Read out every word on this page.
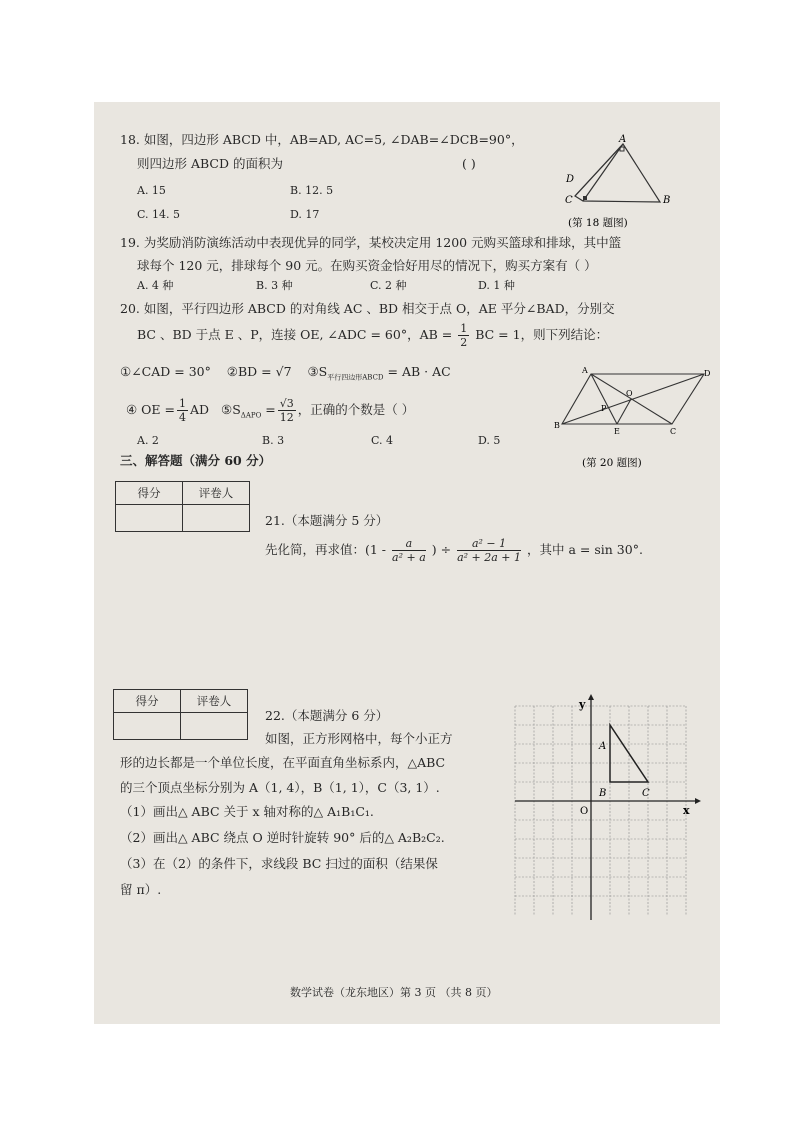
18. 如图，四边形 ABCD 中，AB=AD, AC=5, ∠DAB=∠DCB=90°，
则四边形 ABCD 的面积为	( )
A. 15	B. 12. 5
C. 14. 5	D. 17
A
D
C	B
(第 18 题图)
19. 为奖励消防演练活动中表现优异的同学，某校决定用 1200 元购买篮球和排球，其中篮
球每个 120 元，排球每个 90 元。在购买资金恰好用尽的情况下，购买方案有（ ）
A. 4 种	B. 3 种	C. 2 种	D. 1 种
20. 如图，平行四边形 ABCD 的对角线 AC 、BD 相交于点 O，AE 平分∠BAD，分别交
BC 、BD 于点 E 、P，连接 OE, ∠ADC = 60°，AB = $\frac{1}{2}$ BC = 1，则下列结论：
①∠CAD = 30° ②BD = √7 $③S_{平行四边形ABCD}$ = AB · AC
④ OE = $\frac{1}{4}$ AD $⑤S_{\Delta APO} = \frac{√3}{12}$ ，正确的个数是（ ）
A. 2	B. 3	C. 4	D. 5
A	D
O
P
B
E	C
(第 20 题图)
三、解答题（满分 60 分）
得分	评卷人

21.（本题满分 5 分）
先化简，再求值：($1 - \frac{a}{\text{a² + a}}$ ) ÷ $\frac{\text{a² − 1}}{\text{a² + 2a + 1}}$ ，其中 a = sin 30°.
得分	评卷人

22.（本题满分 6 分）
如图，正方形网格中，每个小正方
形的边长都是一个单位长度，在平面直角坐标系内，△ABC
的三个顶点坐标分别为 A（1, 4），B（1, 1），C（3, 1）.
（1）画出△ ABC 关于 x 轴对称的△ A₁B₁C₁.
（2）画出△ ABC 绕点 O 逆时针旋转 90° 后的△ A₂B₂C₂.
（3）在（2）的条件下，求线段 BC 扫过的面积（结果保
留 π）.
y
x
O
A
B	C
数学试卷（龙东地区）第 3 页 （共 8 页）
